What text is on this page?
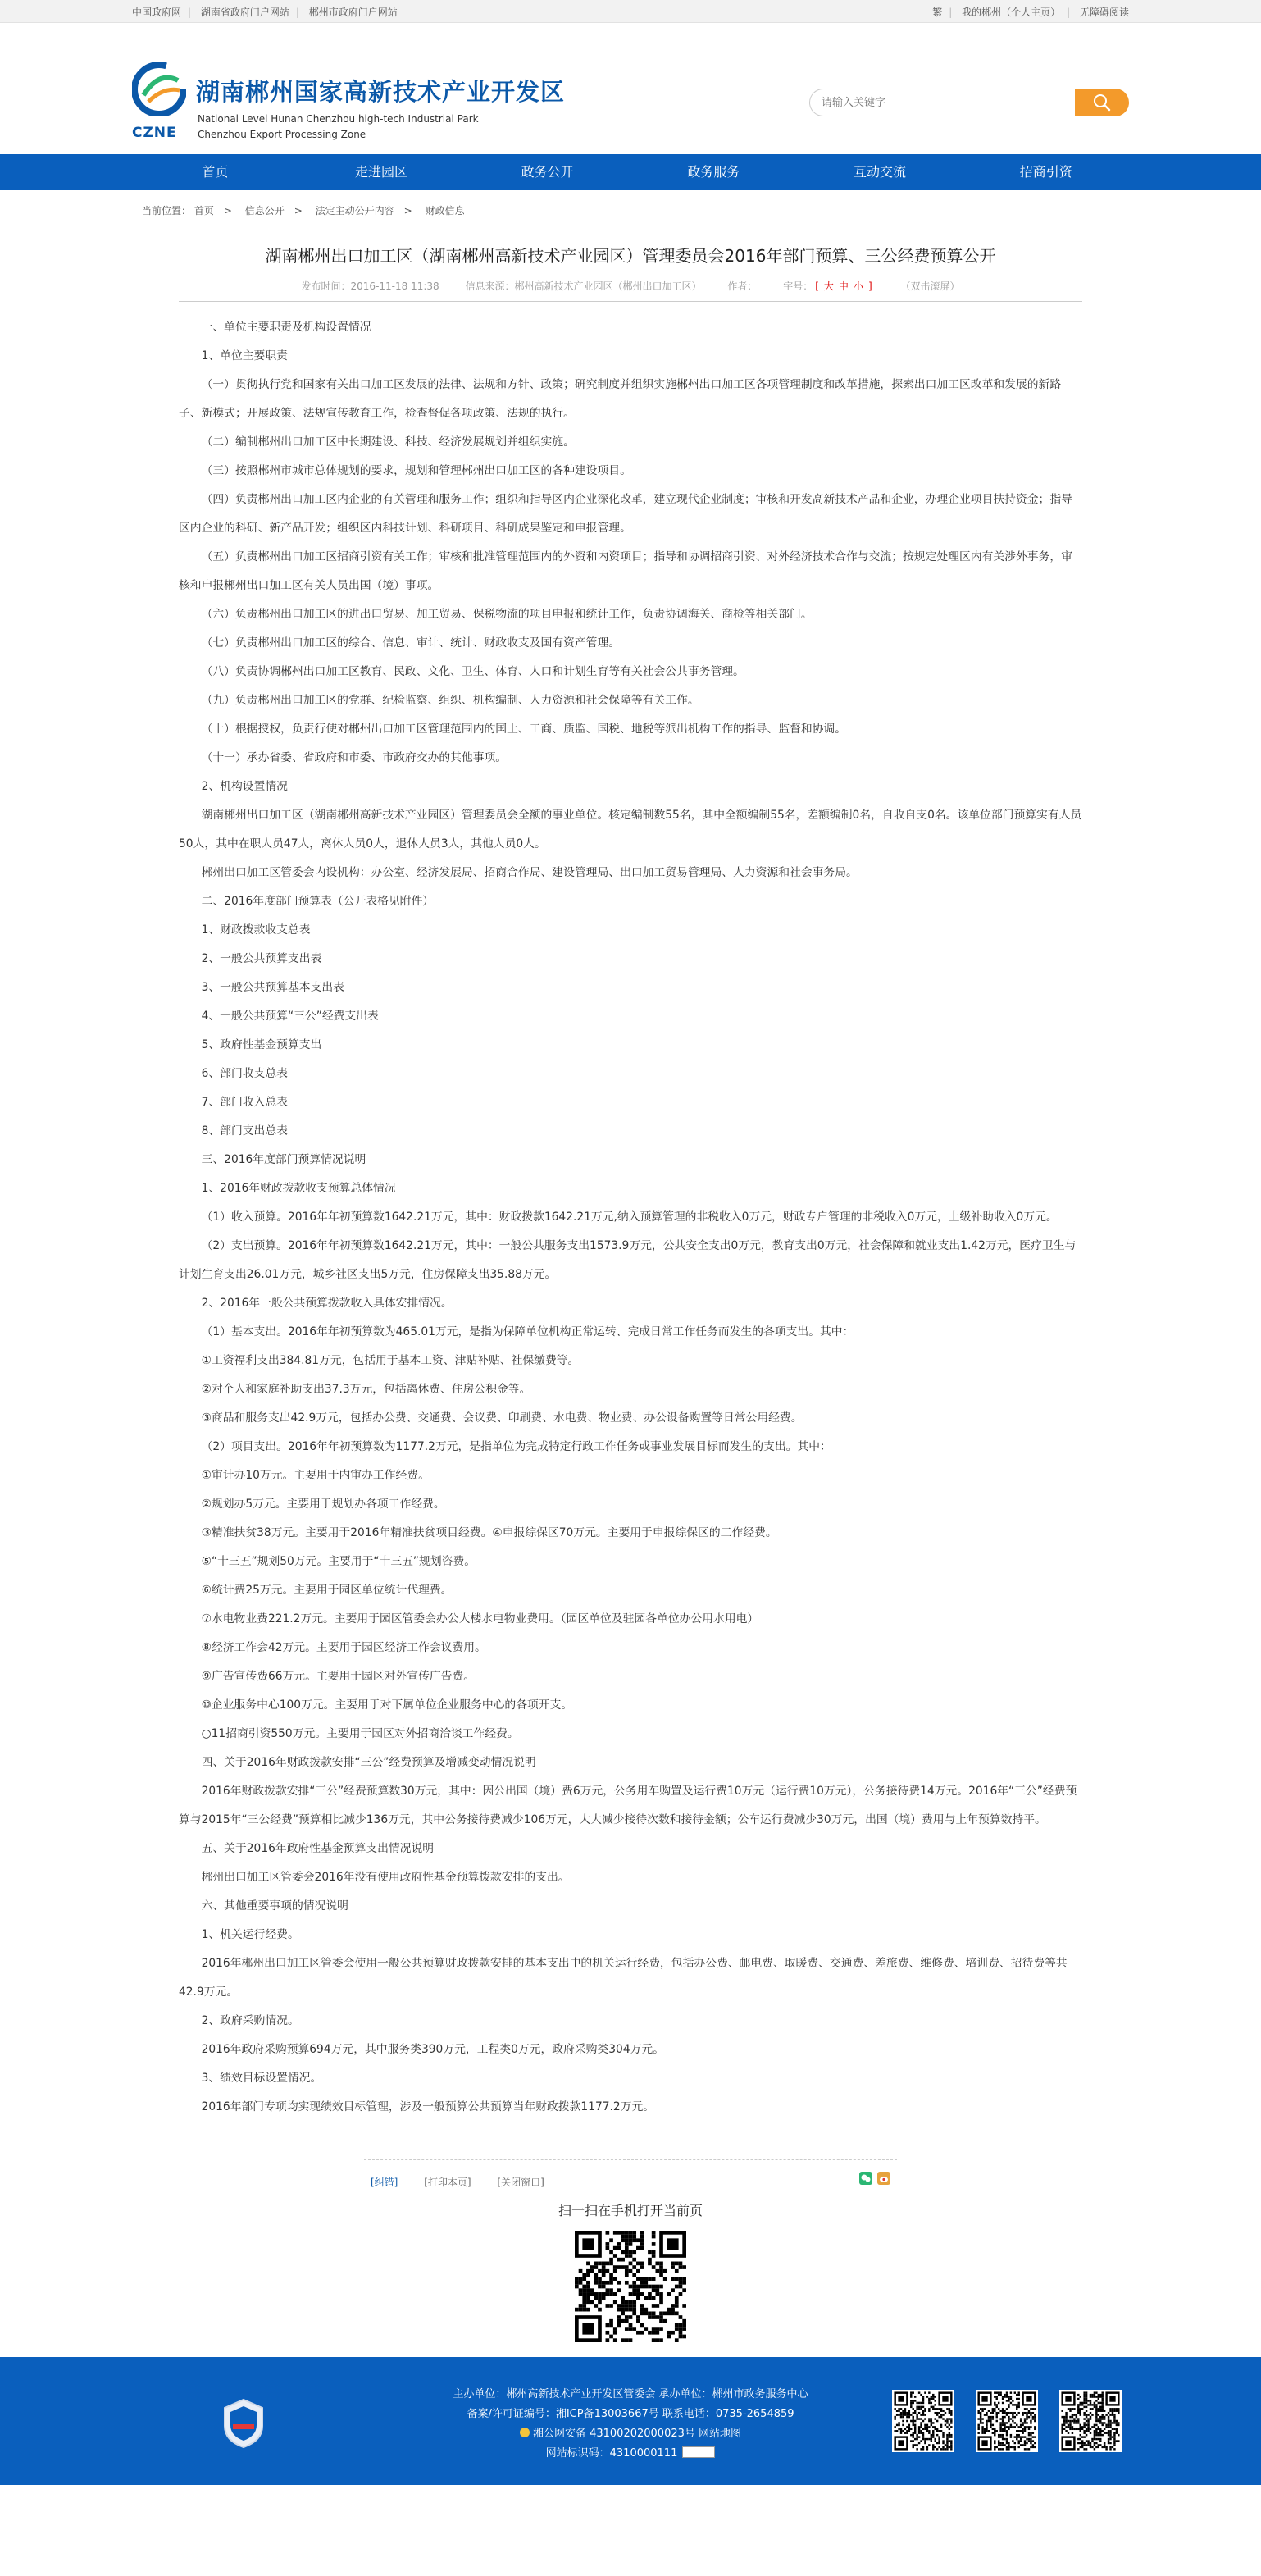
中国政府网 | 湖南省政府门户网站 | 郴州市政府门户网站	繁 | 我的郴州（个人主页） | 无障碍阅读
CZNE
湖南郴州国家高新技术产业开发区
National Level Hunan Chenzhou high-tech Industrial Park
Chenzhou Export Processing Zone
请输入关键字
首页	走进园区	政务公开	政务服务	互动交流	招商引资
当前位置： 首页 > 信息公开 > 法定主动公开内容 > 财政信息
湖南郴州出口加工区（湖南郴州高新技术产业园区）管理委员会2016年部门预算、三公经费预算公开
发布时间：2016-11-18 11:38	信息来源：郴州高新技术产业园区（郴州出口加工区）	作者：	字号： [ 大 中 小 ]	（双击滚屏）

一、单位主要职责及机构设置情况

1、单位主要职责

（一）贯彻执行党和国家有关出口加工区发展的法律、法规和方针、政策；研究制度并组织实施郴州出口加工区各项管理制度和改革措施，探索出口加工区改革和发展的新路子、新模式；开展政策、法规宣传教育工作，检查督促各项政策、法规的执行。

（二）编制郴州出口加工区中长期建设、科技、经济发展规划并组织实施。

（三）按照郴州市城市总体规划的要求，规划和管理郴州出口加工区的各种建设项目。

（四）负责郴州出口加工区内企业的有关管理和服务工作；组织和指导区内企业深化改革，建立现代企业制度；审核和开发高新技术产品和企业，办理企业项目扶持资金；指导区内企业的科研、新产品开发；组织区内科技计划、科研项目、科研成果鉴定和申报管理。

（五）负责郴州出口加工区招商引资有关工作；审核和批准管理范围内的外资和内资项目；指导和协调招商引资、对外经济技术合作与交流；按规定处理区内有关涉外事务，审核和申报郴州出口加工区有关人员出国（境）事项。

（六）负责郴州出口加工区的进出口贸易、加工贸易、保税物流的项目申报和统计工作，负责协调海关、商检等相关部门。

（七）负责郴州出口加工区的综合、信息、审计、统计、财政收支及国有资产管理。

（八）负责协调郴州出口加工区教育、民政、文化、卫生、体育、人口和计划生育等有关社会公共事务管理。

（九）负责郴州出口加工区的党群、纪检监察、组织、机构编制、人力资源和社会保障等有关工作。

（十）根据授权，负责行使对郴州出口加工区管理范围内的国土、工商、质监、国税、地税等派出机构工作的指导、监督和协调。

（十一）承办省委、省政府和市委、市政府交办的其他事项。

2、机构设置情况

湖南郴州出口加工区（湖南郴州高新技术产业园区）管理委员会全额的事业单位。核定编制数55名，其中全额编制55名，差额编制0名，自收自支0名。该单位部门预算实有人员50人，其中在职人员47人，离休人员0人，退休人员3人，其他人员0人。

郴州出口加工区管委会内设机构：办公室、经济发展局、招商合作局、建设管理局、出口加工贸易管理局、人力资源和社会事务局。

二、2016年度部门预算表（公开表格见附件）

1、财政拨款收支总表

2、一般公共预算支出表

3、一般公共预算基本支出表

4、一般公共预算“三公”经费支出表

5、政府性基金预算支出

6、部门收支总表

7、部门收入总表

8、部门支出总表

三、2016年度部门预算情况说明

1、2016年财政拨款收支预算总体情况

（1）收入预算。2016年年初预算数1642.21万元，其中：财政拨款1642.21万元,纳入预算管理的非税收入0万元，财政专户管理的非税收入0万元，上级补助收入0万元。

（2）支出预算。2016年年初预算数1642.21万元，其中：一般公共服务支出1573.9万元，公共安全支出0万元，教育支出0万元，社会保障和就业支出1.42万元，医疗卫生与计划生育支出26.01万元，城乡社区支出5万元，住房保障支出35.88万元。

2、2016年一般公共预算拨款收入具体安排情况。

（1）基本支出。2016年年初预算数为465.01万元，是指为保障单位机构正常运转、完成日常工作任务而发生的各项支出。其中：

①工资福利支出384.81万元，包括用于基本工资、津贴补贴、社保缴费等。

②对个人和家庭补助支出37.3万元，包括离休费、住房公积金等。

③商品和服务支出42.9万元，包括办公费、交通费、会议费、印刷费、水电费、物业费、办公设备购置等日常公用经费。

（2）项目支出。2016年年初预算数为1177.2万元，是指单位为完成特定行政工作任务或事业发展目标而发生的支出。其中：

①审计办10万元。主要用于内审办工作经费。

②规划办5万元。主要用于规划办各项工作经费。

③精准扶贫38万元。主要用于2016年精准扶贫项目经费。④申报综保区70万元。主要用于申报综保区的工作经费。

⑤“十三五”规划50万元。主要用于“十三五”规划咨费。

⑥统计费25万元。主要用于园区单位统计代理费。

⑦水电物业费221.2万元。主要用于园区管委会办公大楼水电物业费用。（园区单位及驻园各单位办公用水用电）

⑧经济工作会42万元。主要用于园区经济工作会议费用。

⑨广告宣传费66万元。主要用于园区对外宣传广告费。

⑩企业服务中心100万元。主要用于对下属单位企业服务中心的各项开支。

○11招商引资550万元。主要用于园区对外招商洽谈工作经费。

四、关于2016年财政拨款安排“三公”经费预算及增减变动情况说明

2016年财政拨款安排“三公”经费预算数30万元，其中：因公出国（境）费6万元，公务用车购置及运行费10万元（运行费10万元），公务接待费14万元。2016年“三公”经费预算与2015年“三公经费”预算相比减少136万元，其中公务接待费减少106万元，大大减少接待次数和接待金额；公车运行费减少30万元，出国（境）费用与上年预算数持平。

五、关于2016年政府性基金预算支出情况说明

郴州出口加工区管委会2016年没有使用政府性基金预算拨款安排的支出。

六、其他重要事项的情况说明

1、机关运行经费。

2016年郴州出口加工区管委会使用一般公共预算财政拨款安排的基本支出中的机关运行经费，包括办公费、邮电费、取暖费、交通费、差旅费、维修费、培训费、招待费等共42.9万元。

2、政府采购情况。

2016年政府采购预算694万元，其中服务类390万元，工程类0万元，政府采购类304万元。

3、绩效目标设置情况。

2016年部门专项均实现绩效目标管理，涉及一般预算公共预算当年财政拨款1177.2万元。

[纠错]	[打印本页]	[关闭窗口]
扫一扫在手机打开当前页
主办单位：郴州高新技术产业开发区管委会 承办单位：郴州市政务服务中心
备案/许可证编号：湘ICP备13003667号 联系电话：0735-2654859
湘公网安备 43100202000023号 网站地图
网站标识码：4310000111
